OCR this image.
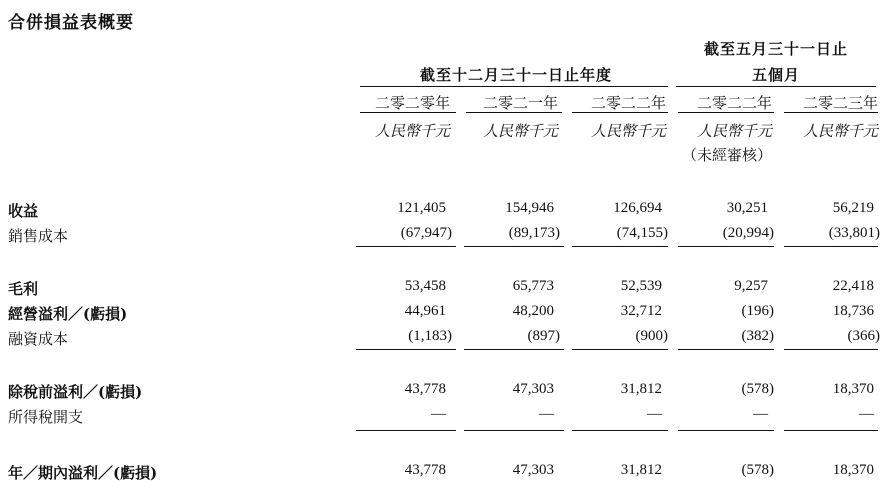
合併損益表概要
截至五月三十一日止
截至十二月三十一日止年度	五個月
二零二零年	二零二一年	二零二二年	二零二二年	二零二三年
人民幣千元	人民幣千元	人民幣千元	人民幣千元	人民幣千元
（未經審核）
收益	121,405	154,946	126,694	30,251	56,219
銷售成本	(67,947)	(89,173)	(74,155)	(20,994)	(33,801)
毛利	53,458	65,773	52,539	9,257	22,418
經營溢利／(虧損)	44,961	48,200	32,712	(196)	18,736
融資成本	(1,183)	(897)	(900)	(382)	(366)
除稅前溢利／(虧損)	43,778	47,303	31,812	(578)	18,370
所得稅開支	—	—	—	—	—
年／期內溢利／(虧損)	43,778	47,303	31,812	(578)	18,370
